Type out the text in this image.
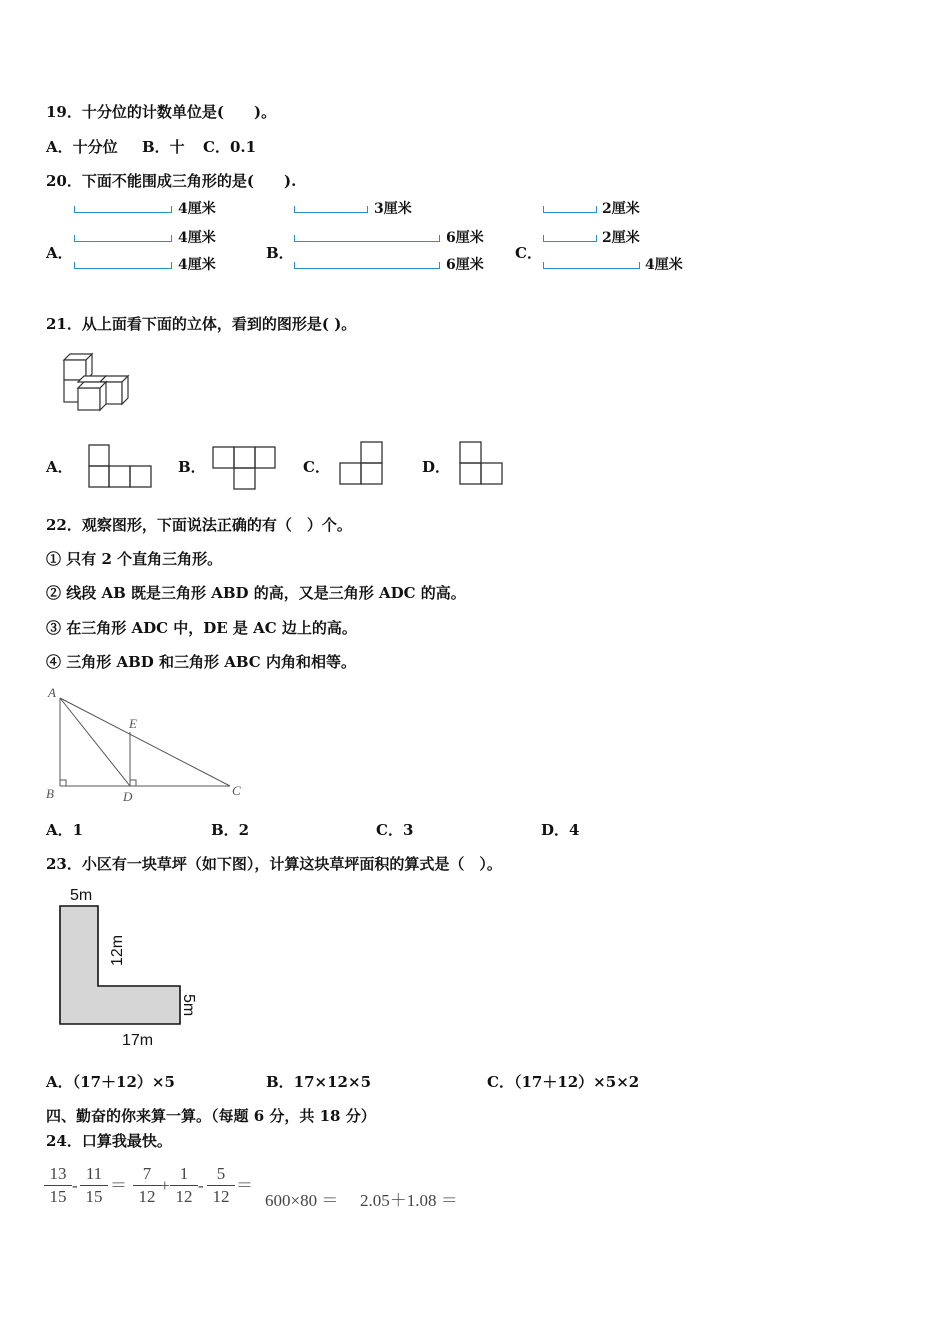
19．十分位的计数单位是(　　)。
A．十分位 B．十 C．0.1
20．下面不能围成三角形的是(　　).
A．
4厘米
4厘米
4厘米
B．
3厘米
6厘米
6厘米
C．
2厘米
2厘米
4厘米
21．从上面看下面的立体，看到的图形是( )。
A．	B．	C．	D．
22．观察图形，下面说法正确的有（　）个。
① 只有 2 个直角三角形。
② 线段 AB 既是三角形 ABD 的高，又是三角形 ADC 的高。
③ 在三角形 ADC 中，DE 是 AC 边上的高。
④ 三角形 ABD 和三角形 ABC 内角和相等。
A
B	C
D
E
A．1	B．2	C．3	D．4
23．小区有一块草坪（如下图），计算这块草坪面积的算式是（　）。
5m
17m
12m
5m
A．（17＋12）×5	B．17×12×5	C．（17＋12）×5×2
四、勤奋的你来算一算。（每题 6 分，共 18 分）
24．口算我最快。
$\frac{13}{15} - \frac{11}{15} = \frac{7}{12} + \frac{1}{12} - \frac{5}{12}$ ＝
600×80 ＝ 2.05＋1.08 ＝
